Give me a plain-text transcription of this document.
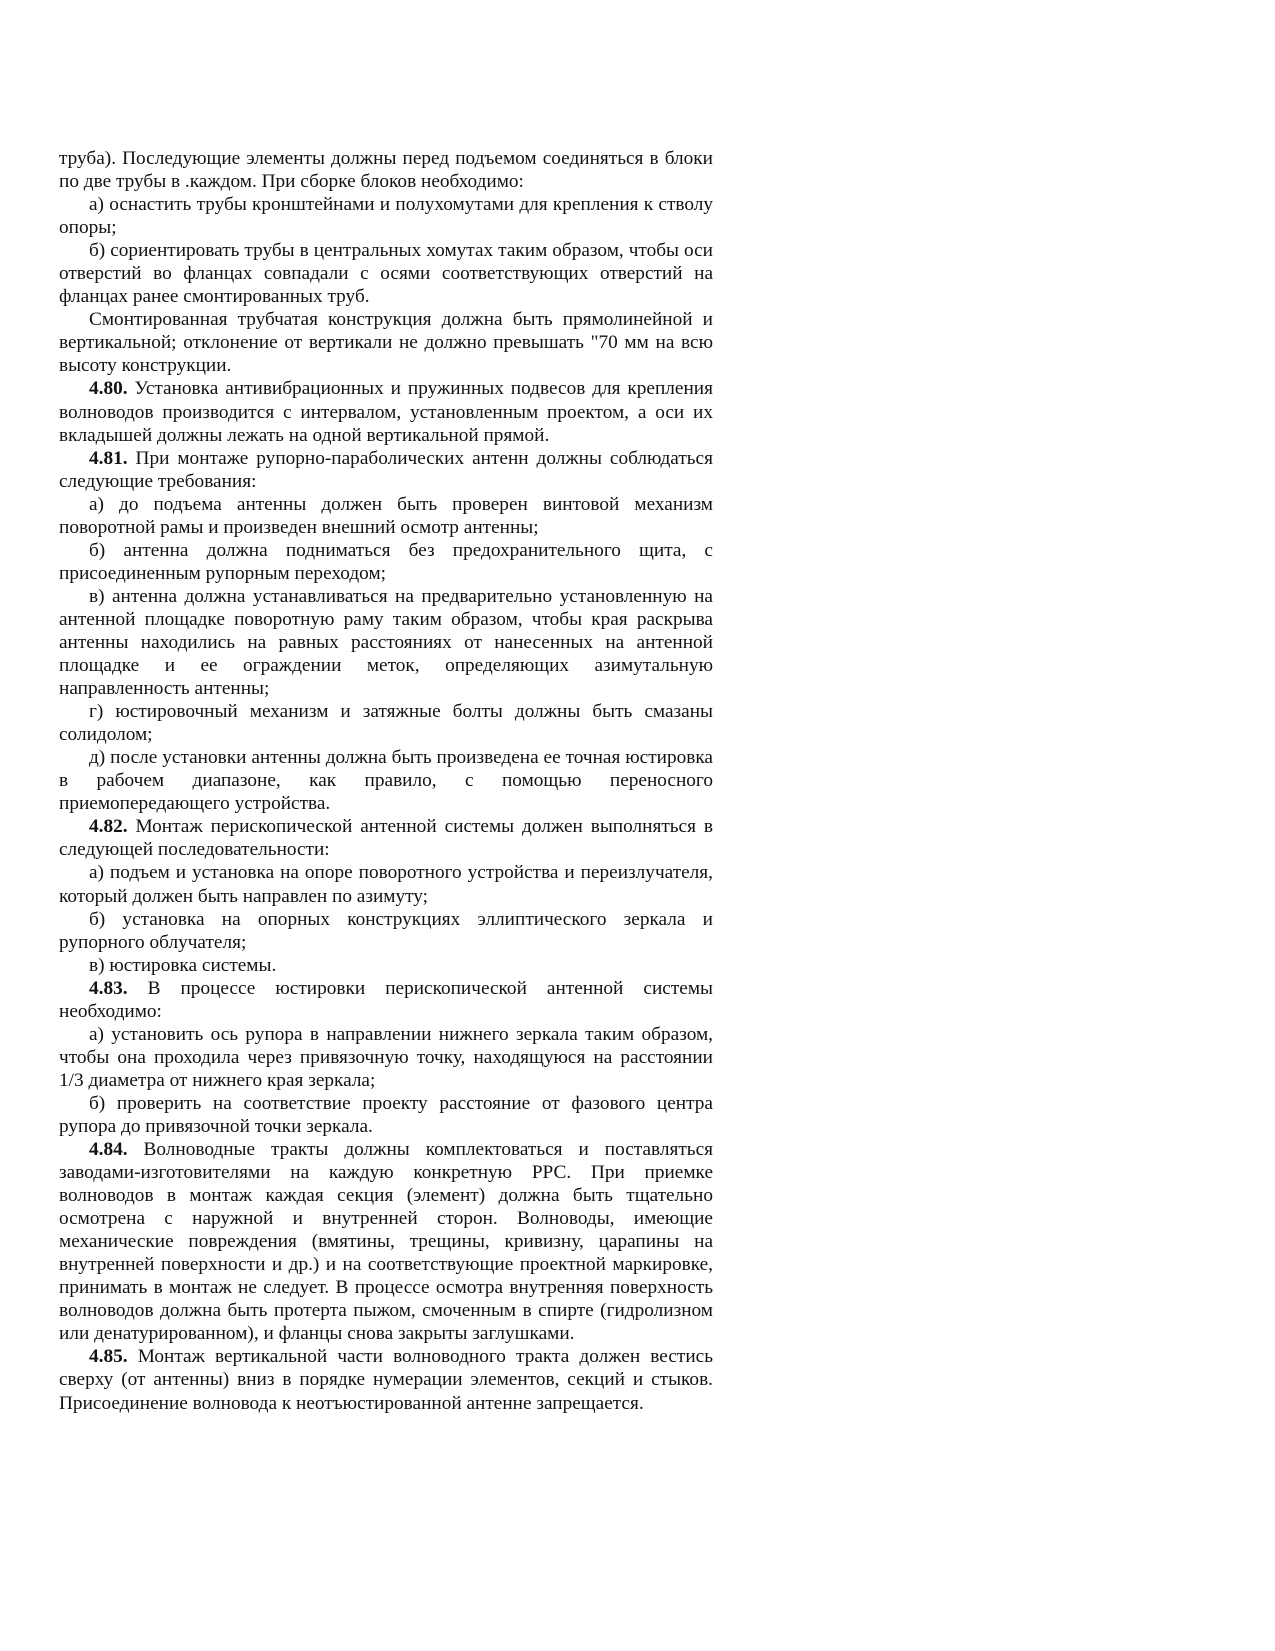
труба). Последующие элементы должны перед подъемом соединяться в блоки по две трубы в .каждом. При сборке блоков необходимо:

а) оснастить трубы кронштейнами и полухомутами для крепления к стволу опоры;

б) сориентировать трубы в центральных хомутах таким образом, чтобы оси отверстий во фланцах совпадали с осями соответствующих отверстий на фланцах ранее смонтированных труб.

Смонтированная трубчатая конструкция должна быть прямолинейной и вертикальной; отклонение от вертикали не должно превышать "70 мм на всю высоту конструкции.

4.80. Установка антивибрационных и пружинных подвесов для крепления волноводов производится с интервалом, установленным проектом, а оси их вкладышей должны лежать на одной вертикальной прямой.

4.81. При монтаже рупорно-параболических антенн должны соблюдаться следующие требования:

а) до подъема антенны должен быть проверен винтовой механизм поворотной рамы и произведен внешний осмотр антенны;

б) антенна должна подниматься без предохранительного щита, с присоединенным рупорным переходом;

в) антенна должна устанавливаться на предварительно установленную на антенной площадке поворотную раму таким образом, чтобы края раскрыва антенны находились на равных расстояниях от нанесенных на антенной площадке и ее ограждении меток, определяющих азимутальную направленность антенны;

г) юстировочный механизм и затяжные болты должны быть смазаны солидолом;

д) после установки антенны должна быть произведена ее точная юстировка в рабочем диапазоне, как правило, с помощью переносного приемопередающего устройства.

4.82. Монтаж перископической антенной системы должен выполняться в следующей последовательности:

а) подъем и установка на опоре поворотного устройства и переизлучателя, который должен быть направлен по азимуту;

б) установка на опорных конструкциях эллиптического зеркала и рупорного облучателя;

в) юстировка системы.

4.83. В процессе юстировки перископической антенной системы необходимо:

а) установить ось рупора в направлении нижнего зеркала таким образом, чтобы она проходила через привязочную точку, находящуюся на расстоянии 1/3 диаметра от нижнего края зеркала;

б) проверить на соответствие проекту расстояние от фазового центра рупора до привязочной точки зеркала.

4.84. Волноводные тракты должны комплектоваться и поставляться заводами-изготовителями на каждую конкретную РРС. При приемке волноводов в монтаж каждая секция (элемент) должна быть тщательно осмотрена с наружной и внутренней сторон. Волноводы, имеющие механические повреждения (вмятины, трещины, кривизну, царапины на внутренней поверхности и др.) и на соответствующие проектной маркировке, принимать в монтаж не следует. В процессе осмотра внутренняя поверхность волноводов должна быть протерта пыжом, смоченным в спирте (гидролизном или денатурированном), и фланцы снова закрыты заглушками.

4.85. Монтаж вертикальной части волноводного тракта должен вестись сверху (от антенны) вниз в порядке нумерации элементов, секций и стыков. Присоединение волновода к неотъюстированной антенне запрещается.
